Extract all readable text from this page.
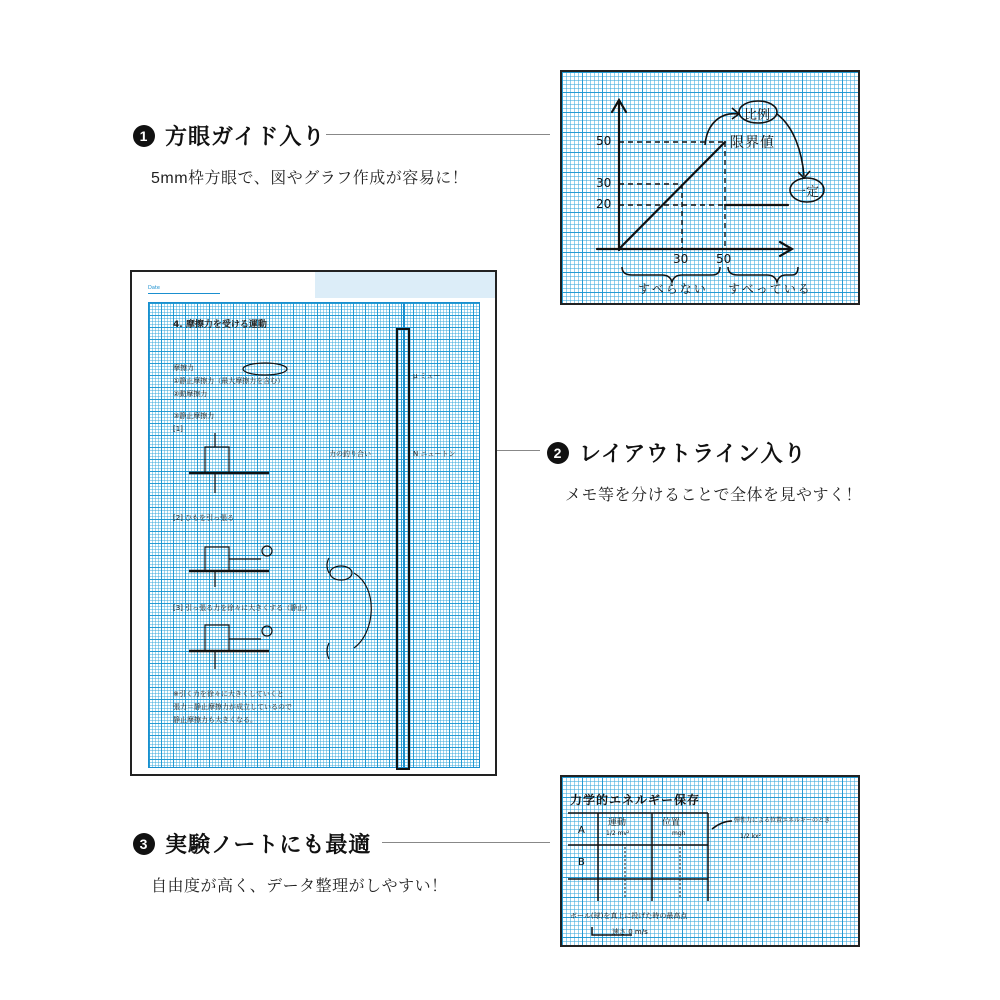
1 方眼ガイド入り
5mm枠方眼で、図やグラフ作成が容易に！
2 レイアウトライン入り
メモ等を分けることで全体を見やすく！
3 実験ノートにも最適
自由度が高く、データ整理がしやすい！
50
30
20
30 50
比例
一定
限界値
すべらない すべっている
Date
4. 摩擦力を受ける運動
摩擦力
①静止摩擦力（最大摩擦力を含む）
②動摩擦力
③静止摩擦力
[1]
[2] ひもを引っ張る
[3] 引っ張る力を徐々に大きくする（静止）
※引く力を徐々に大きくしていくと
張力＝静止摩擦力が成立しているので
静止摩擦力も大きくなる。
μ ミュー
N ニュートン
力の釣り合い
力学的エネルギー保存
運動	位置
A
B
1/2 mv²	mgh
弾性力による位置エネルギーのとき
1/2 kx²
ボール(球)を真上に投げた時の最高点
速さ 0 m/s
